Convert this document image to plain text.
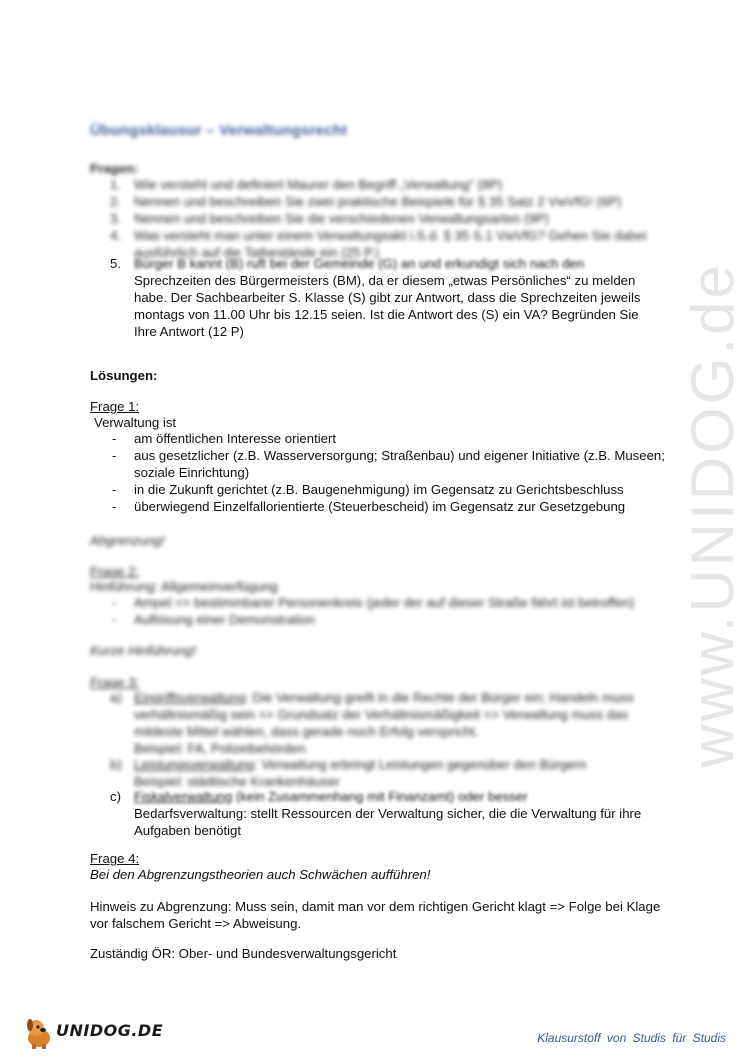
www.UNIDOG.de
Übungsklausur – Verwaltungsrecht
Fragen:
1. Wie versteht und definiert Maurer den Begriff „Verwaltung“ (8P)
2. Nennen und beschreiben Sie zwei praktische Beispiele für § 35 Satz 2 VwVfG! (6P)
3. Nennen und beschreiben Sie die verschiedenen Verwaltungsarten (9P)
4. Was versteht man unter einem Verwaltungsakt i.S.d. § 35 S.1 VwVfG? Gehen Sie dabei ausführlich auf die Tatbestände ein (25 P.)
5. Bürger B kannt (B) ruft bei der Gemeinde (G) an und erkundigt sich nach den
Sprechzeiten des Bürgermeisters (BM), da er diesem „etwas Persönliches“ zu melden habe. Der Sachbearbeiter S. Klasse (S) gibt zur Antwort, dass die Sprechzeiten jeweils montags von 11.00 Uhr bis 12.15 seien. Ist die Antwort des (S) ein VA? Begründen Sie Ihre Antwort (12 P)
Lösungen:
Frage 1:
Verwaltung ist
- am öffentlichen Interesse orientiert
- aus gesetzlicher (z.B. Wasserversorgung; Straßenbau) und eigener Initiative (z.B. Museen; soziale Einrichtung)
- in die Zukunft gerichtet (z.B. Baugenehmigung) im Gegensatz zu Gerichtsbeschluss
- überwiegend Einzelfallorientierte (Steuerbescheid) im Gegensatz zur Gesetzgebung
Abgrenzung!
Frage 2:
Hinführung: Allgemeinverfügung
- Ampel => bestimmbarer Personenkreis (jeder der auf dieser Straße fährt ist betroffen)
- Auflösung einer Demonstration
Kurze Hinführung!
Frage 3:
a) Eingriffsverwaltung: Die Verwaltung greift in die Rechte der Bürger ein; Handeln muss verhältnismäßig sein => Grundsatz der Verhältnismäßigkeit => Verwaltung muss das mildeste Mittel wählen, dass gerade noch Erfolg verspricht.
Beispiel: FA, Polizeibehörden
b) Leistungsverwaltung: Verwaltung erbringt Leistungen gegenüber den Bürgern
Beispiel: städtische Krankenhäuser
c) Fiskalverwaltung (kein Zusammenhang mit Finanzamt) oder besser
Bedarfsverwaltung: stellt Ressourcen der Verwaltung sicher, die die Verwaltung für ihre Aufgaben benötigt
Frage 4:
Bei den Abgrenzungstheorien auch Schwächen aufführen!
Hinweis zu Abgrenzung: Muss sein, damit man vor dem richtigen Gericht klagt => Folge bei Klage vor falschem Gericht => Abweisung.
Zuständig ÖR: Ober- und Bundesverwaltungsgericht
UNIDOG.DE	Klausurstoff von Studis für Studis
